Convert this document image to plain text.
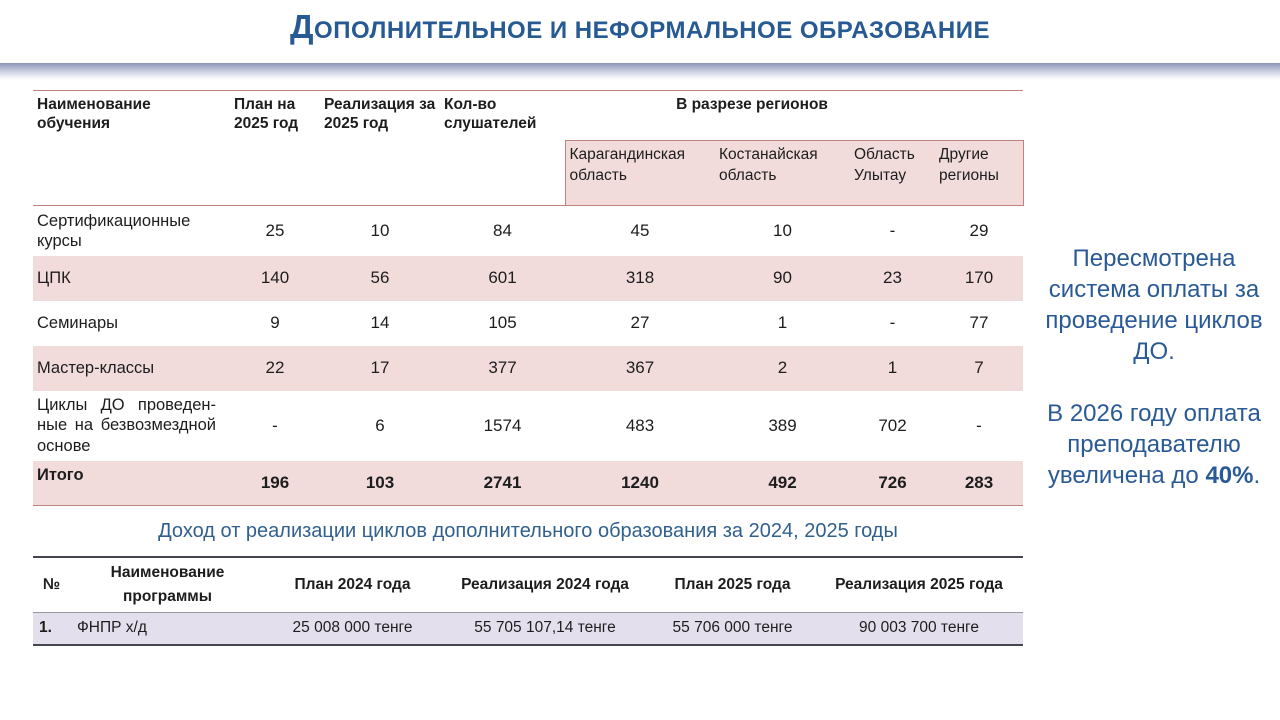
ДОПОЛНИТЕЛЬНОЕ И НЕФОРМАЛЬНОЕ ОБРАЗОВАНИЕ
Наименование обучения	План на 2025 год	Реализация за 2025 год	Кол-во слушателей	В разрезе регионов			
				Карагандинская область	Костанайская область	Область Улытау	Другие регионы
Сертификационные курсы	25	10	84	45	10	-	29
ЦПК	140	56	601	318	90	23	170
Семинары	9	14	105	27	1	-	77
Мастер-классы	22	17	377	367	2	1	7
Циклы ДО проведен-ные на безвозмездной основе	-	6	1574	483	389	702	-
Итого	196	103	2741	1240	492	726	283

Пересмотрена система оплаты за проведение циклов ДО.

В 2026 году оплата преподавателю увеличена до 40%.

Доход от реализации циклов дополнительного образования за 2024, 2025 годы
№	Наименование программы	План 2024 года	Реализация 2024 года	План 2025 года	Реализация 2025 года
1.	ФНПР х/д	25 008 000 тенге	55 705 107,14 тенге	55 706 000 тенге	90 003 700 тенге
